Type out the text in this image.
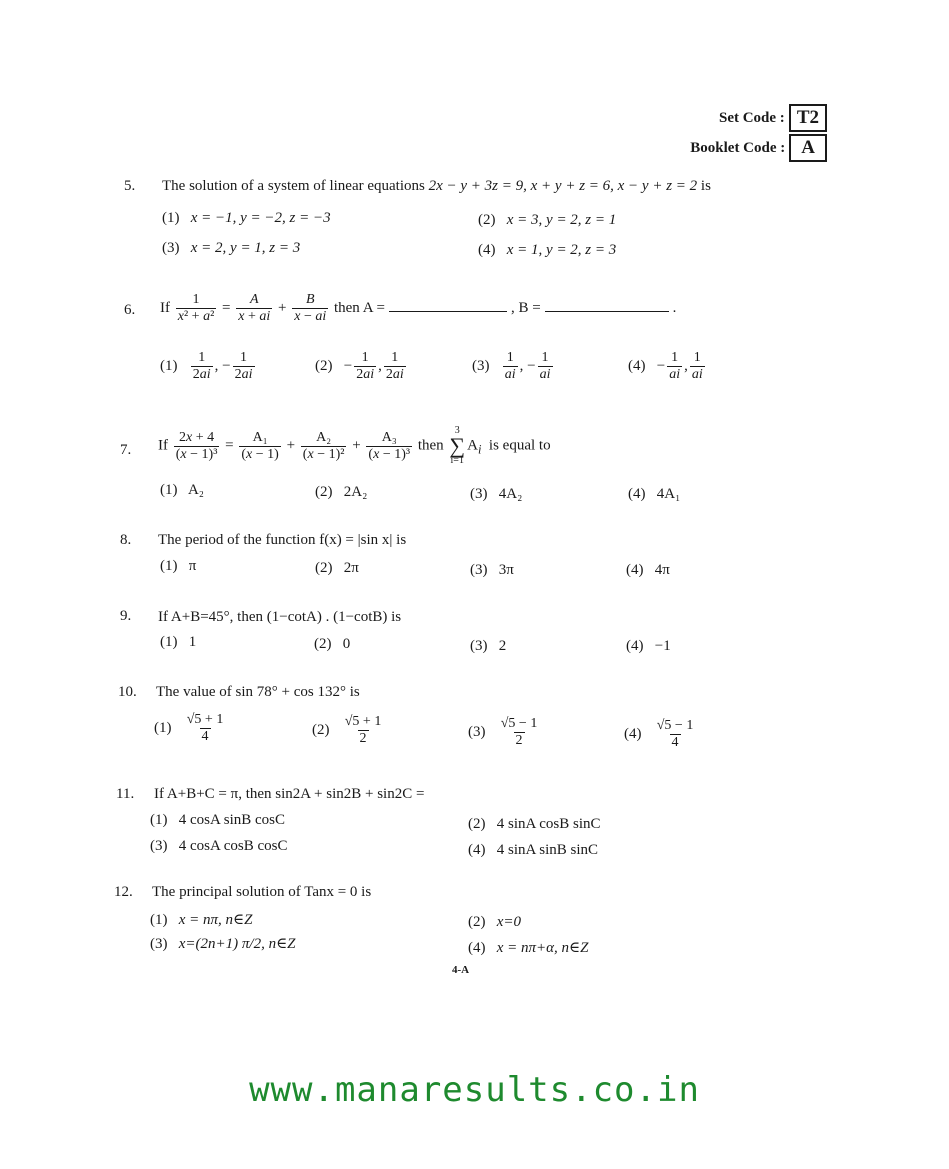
Set Code : T2
Booklet Code : A
5. The solution of a system of linear equations 2x − y + 3z = 9, x + y + z = 6, x − y + z = 2 is
(1) x = −1, y = −2, z = −3	(2) x = 3, y = 2, z = 1
(3) x = 2, y = 1, z = 3	(4) x = 1, y = 2, z = 3
6. If $\frac{1}{\text{x² + a²}} = \frac{A}{x + ai} + \frac{B}{x - ai}$ then A =	, B =	.
$(1) \frac{1}{2ai}$ , − $\frac{1}{2ai}$	$(2) - \frac{1}{2ai}$ , $\frac{1}{2ai}$	$(3) \frac{1}{ai}$ , − $\frac{1}{ai}$	$(4) - \frac{1}{ai}$ , $\frac{1}{ai}$
7. If $\frac{2x + 4}{\text{(x − 1)³}} = \frac{\text{A₁}}{(x - 1)} + \frac{\text{A₂}}{\text{(x − 1)²}} + \frac{\text{A₃}}{\text{(x − 1)³}}$ then
3
∑
i=1
$A_i$ is equal to
(1) A₂	(2) 2A₂	(3) 4A₂	(4) 4A₁
8. The period of the function f(x) = |sin x| is
(1) π	(2) 2π	(3) 3π	(4) 4π
9. If A+B=45°, then (1−cotA) . (1−cotB) is
(1) 1	(2) 0	(3) 2	(4) −1
10. The value of sin 78° + cos 132° is
$(1) \frac{√5 + 1}{4}$	$(2) \frac{√5 + 1}{2}$	$(3) \frac{√5 - 1}{2}$	$(4) \frac{√5 - 1}{4}$
11. If A+B+C = π, then sin2A + sin2B + sin2C =
(1) 4 cosA sinB cosC	(2) 4 sinA cosB sinC
(3) 4 cosA cosB cosC	(4) 4 sinA sinB sinC
12. The principal solution of Tanx = 0 is
(1) x = nπ, n∈Z	(2) x=0
(3) x=(2n+1) π/2, n∈Z	(4) x = nπ+α, n∈Z
4-A
www.manaresults.co.in
